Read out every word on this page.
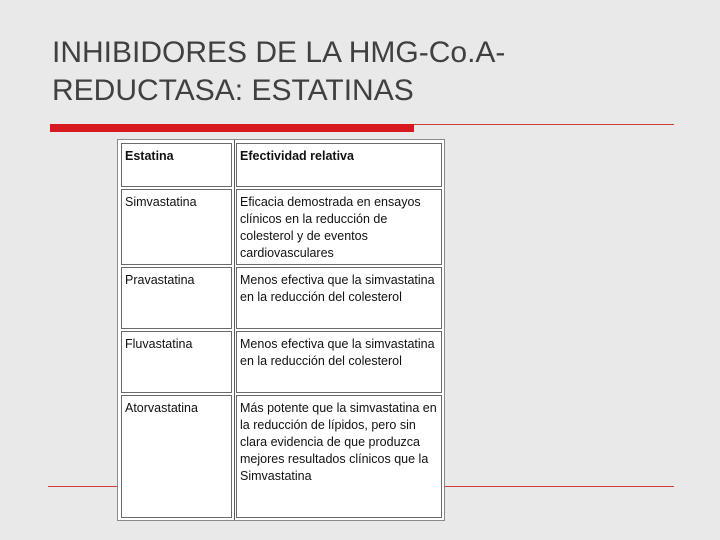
INHIBIDORES DE LA HMG-Co.A-
REDUCTASA: ESTATINAS
Estatina	Efectividad relativa
Simvastatina	Eficacia demostrada en ensayos clínicos en la reducción de colesterol y de eventos cardiovasculares
Pravastatina	Menos efectiva que la simvastatina en la reducción del colesterol
Fluvastatina	Menos efectiva que la simvastatina en la reducción del colesterol
Atorvastatina	Más potente que la simvastatina en la reducción de lípidos, pero sin clara evidencia de que produzca mejores resultados clínicos que la Simvastatina
